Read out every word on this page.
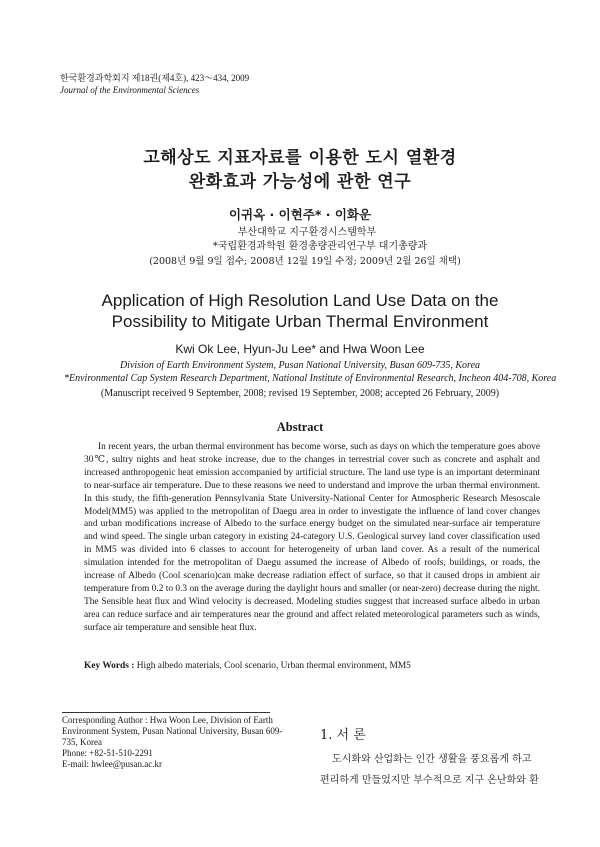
한국환경과학회지 제18권(제4호), 423～434, 2009
Journal of the Environmental Sciences
고해상도 지표자료를 이용한 도시 열환경
완화효과 가능성에 관한 연구
이귀옥 · 이현주* · 이화운
부산대학교 지구환경시스템학부
*국립환경과학원 환경총량관리연구부 대기총량과
(2008년 9월 9일 접수; 2008년 12월 19일 수정; 2009년 2월 26일 채택)
Application of High Resolution Land Use Data on the
Possibility to Mitigate Urban Thermal Environment
Kwi Ok Lee, Hyun-Ju Lee* and Hwa Woon Lee
Division of Earth Environment System, Pusan National University, Busan 609-735, Korea
*Environmental Cap System Research Department, National Institute of Environmental Research, Incheon 404-708, Korea
(Manuscript received 9 September, 2008; revised 19 September, 2008; accepted 26 February, 2009)
Abstract

In recent years, the urban thermal environment has become worse, such as days on which the temperature goes above 30℃, sultry nights and heat stroke increase, due to the changes in terrestrial cover such as concrete and asphalt and increased anthropogenic heat emission accompanied by artificial structure. The land use type is an important determinant to near-surface air temperature. Due to these reasons we need to understand and improve the urban thermal environment. In this study, the fifth-generation Pennsylvania State University-National Center for Atmospheric Research Mesoscale Model(MM5) was applied to the metropolitan of Daegu area in order to investigate the influence of land cover changes and urban modifications increase of Albedo to the surface energy budget on the simulated near-surface air temperature and wind speed. The single urban category in existing 24-category U.S. Geological survey land cover classification used in MM5 was divided into 6 classes to account for heterogeneity of urban land cover. As a result of the numerical simulation intended for the metropolitan of Daegu assumed the increase of Albedo of roofs, buildings, or roads, the increase of Albedo (Cool scenario)can make decrease radiation effect of surface, so that it caused drops in ambient air temperature from 0.2 to 0.3 on the average during the daylight hours and smaller (or near-zero) decrease during the night. The Sensible heat flux and Wind velocity is decreased. Modeling studies suggest that increased surface albedo in urban area can reduce surface and air temperatures near the ground and affect related meteorological parameters such as winds, surface air temperature and sensible heat flux.

Key Words : High albedo materials, Cool scenario, Urban thermal environment, MM5
Corresponding Author : Hwa Woon Lee, Division of Earth
Environment System, Pusan National University, Busan 609-
735, Korea
Phone: +82-51-510-2291
E-mail: hwlee@pusan.ac.kr
1. 서 론
도시화와 산업화는 인간 생활을 풍요롭게 하고
편리하게 만들었지만 부수적으로 지구 온난화와 환
